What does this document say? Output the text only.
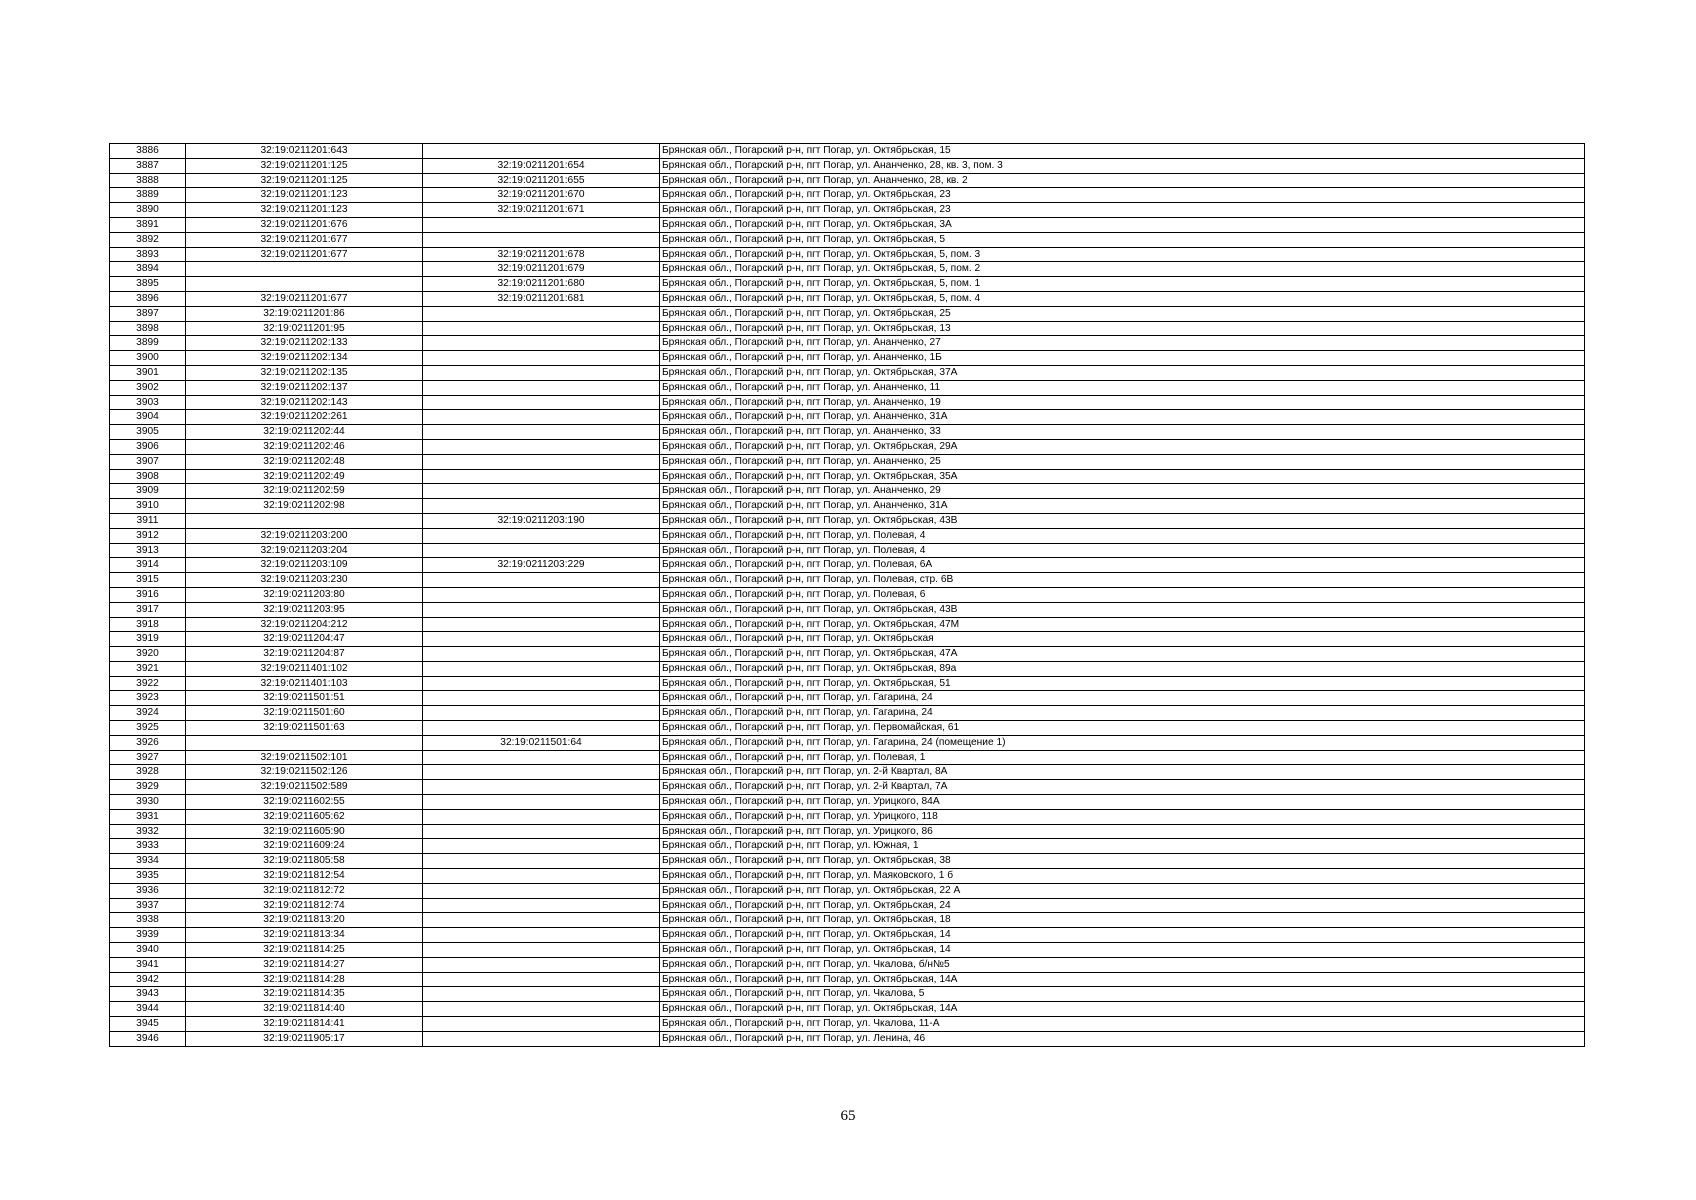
3886	32:19:0211201:643		Брянская обл., Погарский р-н, пгт Погар, ул. Октябрьская, 15
3887	32:19:0211201:125	32:19:0211201:654	Брянская обл., Погарский р-н, пгт Погар, ул. Ананченко, 28, кв. 3, пом. 3
3888	32:19:0211201:125	32:19:0211201:655	Брянская обл., Погарский р-н, пгт Погар, ул. Ананченко, 28, кв. 2
3889	32:19:0211201:123	32:19:0211201:670	Брянская обл., Погарский р-н, пгт Погар, ул. Октябрьская, 23
3890	32:19:0211201:123	32:19:0211201:671	Брянская обл., Погарский р-н, пгт Погар, ул. Октябрьская, 23
3891	32:19:0211201:676		Брянская обл., Погарский р-н, пгт Погар, ул. Октябрьская, 3А
3892	32:19:0211201:677		Брянская обл., Погарский р-н, пгт Погар, ул. Октябрьская, 5
3893	32:19:0211201:677	32:19:0211201:678	Брянская обл., Погарский р-н, пгт Погар, ул. Октябрьская, 5, пом. 3
3894		32:19:0211201:679	Брянская обл., Погарский р-н, пгт Погар, ул. Октябрьская, 5, пом. 2
3895		32:19:0211201:680	Брянская обл., Погарский р-н, пгт Погар, ул. Октябрьская, 5, пом. 1
3896	32:19:0211201:677	32:19:0211201:681	Брянская обл., Погарский р-н, пгт Погар, ул. Октябрьская, 5, пом. 4
3897	32:19:0211201:86		Брянская обл., Погарский р-н, пгт Погар, ул. Октябрьская, 25
3898	32:19:0211201:95		Брянская обл., Погарский р-н, пгт Погар, ул. Октябрьская, 13
3899	32:19:0211202:133		Брянская обл., Погарский р-н, пгт Погар, ул. Ананченко, 27
3900	32:19:0211202:134		Брянская обл., Погарский р-н, пгт Погар, ул. Ананченко, 1Б
3901	32:19:0211202:135		Брянская обл., Погарский р-н, пгт Погар, ул. Октябрьская, 37А
3902	32:19:0211202:137		Брянская обл., Погарский р-н, пгт Погар, ул. Ананченко, 11
3903	32:19:0211202:143		Брянская обл., Погарский р-н, пгт Погар, ул. Ананченко, 19
3904	32:19:0211202:261		Брянская обл., Погарский р-н, пгт Погар, ул. Ананченко, 31А
3905	32:19:0211202:44		Брянская обл., Погарский р-н, пгт Погар, ул. Ананченко, 33
3906	32:19:0211202:46		Брянская обл., Погарский р-н, пгт Погар, ул. Октябрьская, 29А
3907	32:19:0211202:48		Брянская обл., Погарский р-н, пгт Погар, ул. Ананченко, 25
3908	32:19:0211202:49		Брянская обл., Погарский р-н, пгт Погар, ул. Октябрьская, 35А
3909	32:19:0211202:59		Брянская обл., Погарский р-н, пгт Погар, ул. Ананченко, 29
3910	32:19:0211202:98		Брянская обл., Погарский р-н, пгт Погар, ул. Ананченко, 31А
3911		32:19:0211203:190	Брянская обл., Погарский р-н, пгт Погар, ул. Октябрьская, 43В
3912	32:19:0211203:200		Брянская обл., Погарский р-н, пгт Погар, ул. Полевая, 4
3913	32:19:0211203:204		Брянская обл., Погарский р-н, пгт Погар, ул. Полевая, 4
3914	32:19:0211203:109	32:19:0211203:229	Брянская обл., Погарский р-н, пгт Погар, ул. Полевая, 6А
3915	32:19:0211203:230		Брянская обл., Погарский р-н, пгт Погар, ул. Полевая, стр. 6В
3916	32:19:0211203:80		Брянская обл., Погарский р-н, пгт Погар, ул. Полевая, 6
3917	32:19:0211203:95		Брянская обл., Погарский р-н, пгт Погар, ул. Октябрьская, 43В
3918	32:19:0211204:212		Брянская обл., Погарский р-н, пгт Погар, ул. Октябрьская, 47М
3919	32:19:0211204:47		Брянская обл., Погарский р-н, пгт Погар, ул. Октябрьская
3920	32:19:0211204:87		Брянская обл., Погарский р-н, пгт Погар, ул. Октябрьская, 47А
3921	32:19:0211401:102		Брянская обл., Погарский р-н, пгт Погар, ул. Октябрьская, 89а
3922	32:19:0211401:103		Брянская обл., Погарский р-н, пгт Погар, ул. Октябрьская, 51
3923	32:19:0211501:51		Брянская обл., Погарский р-н, пгт Погар, ул. Гагарина, 24
3924	32:19:0211501:60		Брянская обл., Погарский р-н, пгт Погар, ул. Гагарина, 24
3925	32:19:0211501:63		Брянская обл., Погарский р-н, пгт Погар, ул. Первомайская, 61
3926		32:19:0211501:64	Брянская обл., Погарский р-н, пгт Погар, ул. Гагарина, 24 (помещение 1)
3927	32:19:0211502:101		Брянская обл., Погарский р-н, пгт Погар, ул. Полевая, 1
3928	32:19:0211502:126		Брянская обл., Погарский р-н, пгт Погар, ул. 2-й Квартал, 8А
3929	32:19:0211502:589		Брянская обл., Погарский р-н, пгт Погар, ул. 2-й Квартал, 7А
3930	32:19:0211602:55		Брянская обл., Погарский р-н, пгт Погар, ул. Урицкого, 84А
3931	32:19:0211605:62		Брянская обл., Погарский р-н, пгт Погар, ул. Урицкого, 118
3932	32:19:0211605:90		Брянская обл., Погарский р-н, пгт Погар, ул. Урицкого, 86
3933	32:19:0211609:24		Брянская обл., Погарский р-н, пгт Погар, ул. Южная, 1
3934	32:19:0211805:58		Брянская обл., Погарский р-н, пгт Погар, ул. Октябрьская, 38
3935	32:19:0211812:54		Брянская обл., Погарский р-н, пгт Погар, ул. Маяковского, 1 б
3936	32:19:0211812:72		Брянская обл., Погарский р-н, пгт Погар, ул. Октябрьская, 22 А
3937	32:19:0211812:74		Брянская обл., Погарский р-н, пгт Погар, ул. Октябрьская, 24
3938	32:19:0211813:20		Брянская обл., Погарский р-н, пгт Погар, ул. Октябрьская, 18
3939	32:19:0211813:34		Брянская обл., Погарский р-н, пгт Погар, ул. Октябрьская, 14
3940	32:19:0211814:25		Брянская обл., Погарский р-н, пгт Погар, ул. Октябрьская, 14
3941	32:19:0211814:27		Брянская обл., Погарский р-н, пгт Погар, ул. Чкалова, б/н№5
3942	32:19:0211814:28		Брянская обл., Погарский р-н, пгт Погар, ул. Октябрьская, 14А
3943	32:19:0211814:35		Брянская обл., Погарский р-н, пгт Погар, ул. Чкалова, 5
3944	32:19:0211814:40		Брянская обл., Погарский р-н, пгт Погар, ул. Октябрьская, 14А
3945	32:19:0211814:41		Брянская обл., Погарский р-н, пгт Погар, ул. Чкалова, 11-А
3946	32:19:0211905:17		Брянская обл., Погарский р-н, пгт Погар, ул. Ленина, 46
65
